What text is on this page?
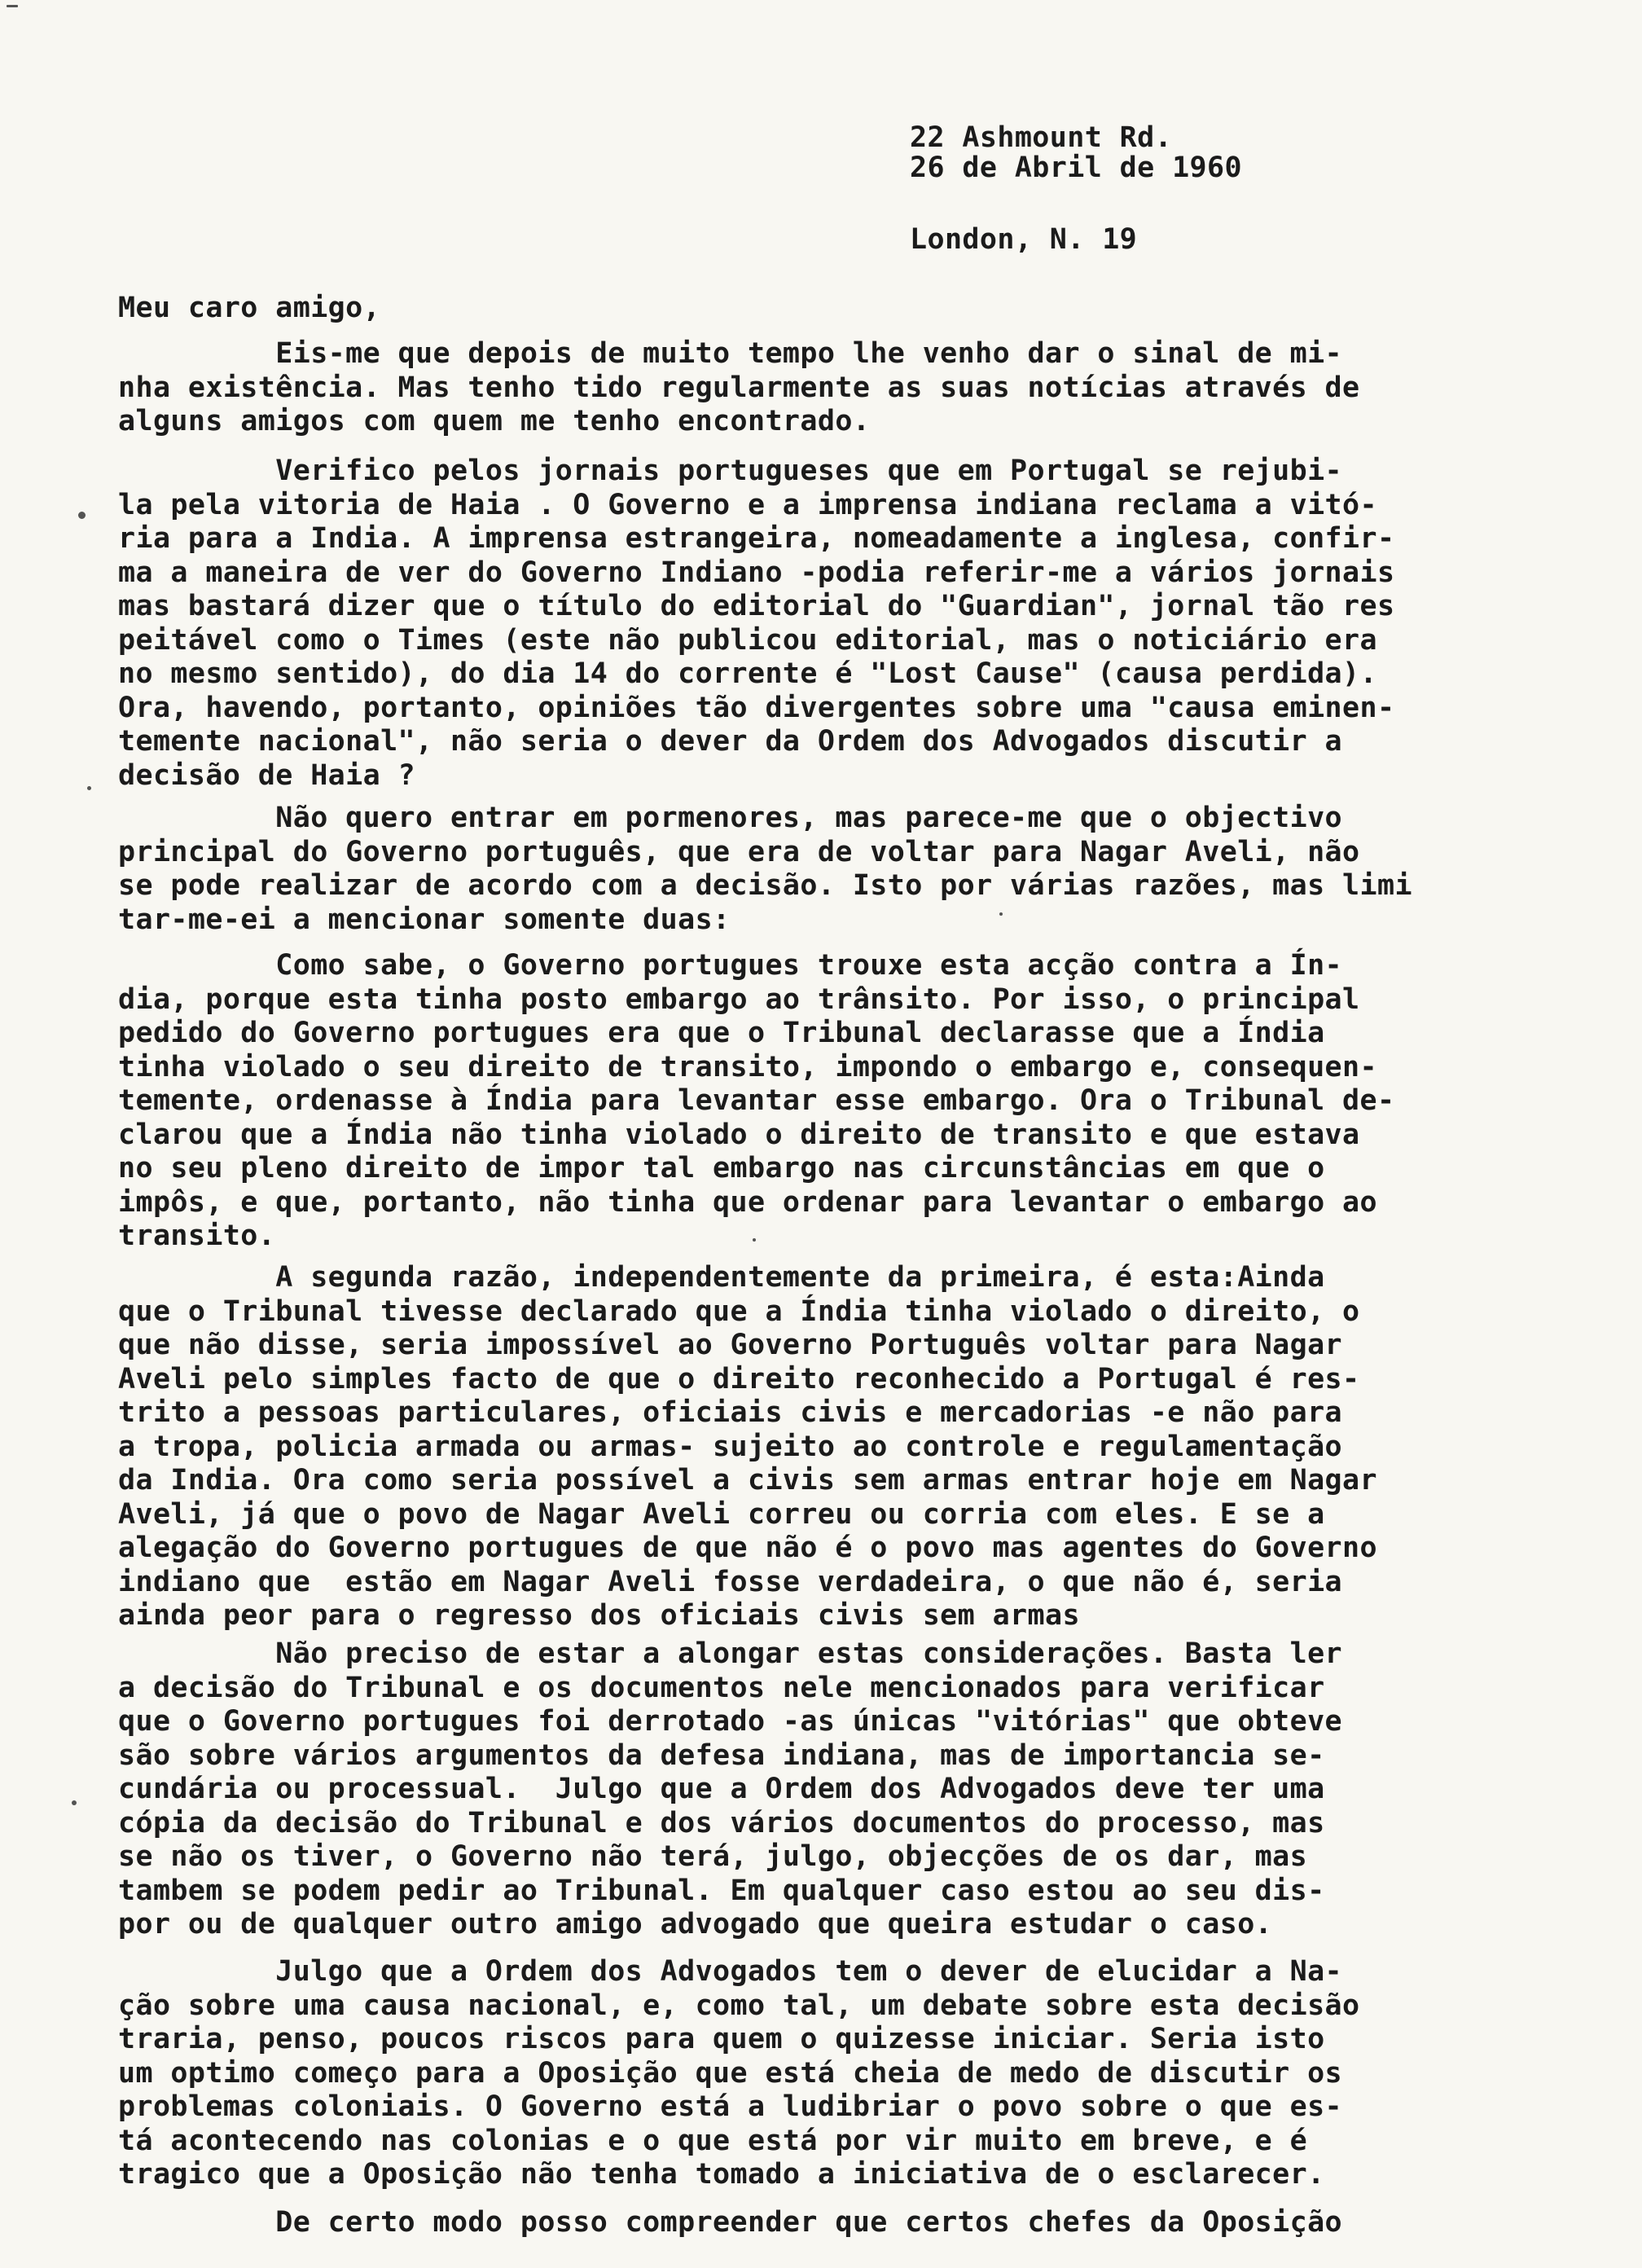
22 Ashmount Rd.

London, N. 19

26 de Abril de 1960
Meu caro amigo,
Eis-me que depois de muito tempo lhe venho dar o sinal de mi-
nha existência. Mas tenho tido regularmente as suas notícias através de
alguns amigos com quem me tenho encontrado.
Verifico pelos jornais portugueses que em Portugal se rejubi-
la pela vitoria de Haia . O Governo e a imprensa indiana reclama a vitó-
ria para a India. A imprensa estrangeira, nomeadamente a inglesa, confir-
ma a maneira de ver do Governo Indiano -podia referir-me a vários jornais
mas bastará dizer que o título do editorial do "Guardian", jornal tão res
peitável como o Times (este não publicou editorial, mas o noticiário era
no mesmo sentido), do dia 14 do corrente é "Lost Cause" (causa perdida).
Ora, havendo, portanto, opiniões tão divergentes sobre uma "causa eminen-
temente nacional", não seria o dever da Ordem dos Advogados discutir a
decisão de Haia ?
Não quero entrar em pormenores, mas parece-me que o objectivo
principal do Governo português, que era de voltar para Nagar Aveli, não
se pode realizar de acordo com a decisão. Isto por várias razões, mas limi
tar-me-ei a mencionar somente duas:
Como sabe, o Governo portugues trouxe esta acção contra a Ín-
dia, porque esta tinha posto embargo ao trânsito. Por isso, o principal
pedido do Governo portugues era que o Tribunal declarasse que a Índia
tinha violado o seu direito de transito, impondo o embargo e, consequen-
temente, ordenasse à Índia para levantar esse embargo. Ora o Tribunal de-
clarou que a Índia não tinha violado o direito de transito e que estava
no seu pleno direito de impor tal embargo nas circunstâncias em que o
impôs, e que, portanto, não tinha que ordenar para levantar o embargo ao
transito.
A segunda razão, independentemente da primeira, é esta:Ainda
que o Tribunal tivesse declarado que a Índia tinha violado o direito, o
que não disse, seria impossível ao Governo Português voltar para Nagar
Aveli pelo simples facto de que o direito reconhecido a Portugal é res-
trito a pessoas particulares, oficiais civis e mercadorias -e não para
a tropa, policia armada ou armas- sujeito ao controle e regulamentação
da India. Ora como seria possível a civis sem armas entrar hoje em Nagar
Aveli, já que o povo de Nagar Aveli correu ou corria com eles. E se a
alegação do Governo portugues de que não é o povo mas agentes do Governo
indiano que  estão em Nagar Aveli fosse verdadeira, o que não é, seria
ainda peor para o regresso dos oficiais civis sem armas
Não preciso de estar a alongar estas considerações. Basta ler
a decisão do Tribunal e os documentos nele mencionados para verificar
que o Governo portugues foi derrotado -as únicas "vitórias" que obteve
são sobre vários argumentos da defesa indiana, mas de importancia se-
cundária ou processual.  Julgo que a Ordem dos Advogados deve ter uma
cópia da decisão do Tribunal e dos vários documentos do processo, mas
se não os tiver, o Governo não terá, julgo, objecções de os dar, mas
tambem se podem pedir ao Tribunal. Em qualquer caso estou ao seu dis-
por ou de qualquer outro amigo advogado que queira estudar o caso.
Julgo que a Ordem dos Advogados tem o dever de elucidar a Na-
ção sobre uma causa nacional, e, como tal, um debate sobre esta decisão
traria, penso, poucos riscos para quem o quizesse iniciar. Seria isto
um optimo começo para a Oposição que está cheia de medo de discutir os
problemas coloniais. O Governo está a ludibriar o povo sobre o que es-
tá acontecendo nas colonias e o que está por vir muito em breve, e é
tragico que a Oposição não tenha tomado a iniciativa de o esclarecer.
De certo modo posso compreender que certos chefes da Oposição
